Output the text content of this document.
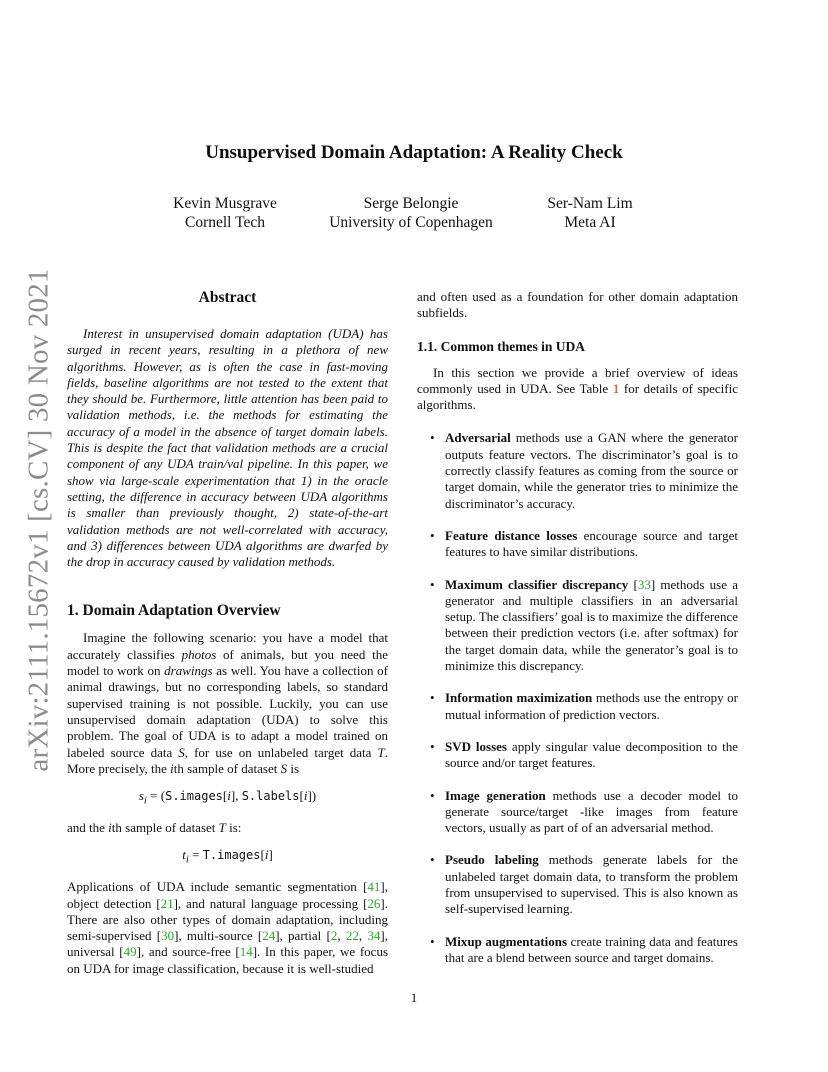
arXiv:2111.15672v1 [cs.CV] 30 Nov 2021
Unsupervised Domain Adaptation: A Reality Check
Kevin Musgrave
Cornell Tech
Serge Belongie
University of Copenhagen
Ser-Nam Lim
Meta AI
Abstract

Interest in unsupervised domain adaptation (UDA) has surged in recent years, resulting in a plethora of new algorithms. However, as is often the case in fast-moving fields, baseline algorithms are not tested to the extent that they should be. Furthermore, little attention has been paid to validation methods, i.e. the methods for estimating the accuracy of a model in the absence of target domain labels. This is despite the fact that validation methods are a crucial component of any UDA train/val pipeline. In this paper, we show via large-scale experimentation that 1) in the oracle setting, the difference in accuracy between UDA algorithms is smaller than previously thought, 2) state-of-the-art validation methods are not well-correlated with accuracy, and 3) differences between UDA algorithms are dwarfed by the drop in accuracy caused by validation methods.

1. Domain Adaptation Overview

Imagine the following scenario: you have a model that accurately classifies photos of animals, but you need the model to work on drawings as well. You have a collection of animal drawings, but no corresponding labels, so standard supervised training is not possible. Luckily, you can use unsupervised domain adaptation (UDA) to solve this problem. The goal of UDA is to adapt a model trained on labeled source data S, for use on unlabeled target data T. More precisely, the ith sample of dataset S is

$s_i$ = (S.images[i], S.labels[i])

and the ith sample of dataset T is:

$t_i$ = T.images[i]

Applications of UDA include semantic segmentation [41], object detection [21], and natural language processing [26]. There are also other types of domain adaptation, including semi-supervised [30], multi-source [24], partial [2, 22, 34], universal [49], and source-free [14]. In this paper, we focus on UDA for image classification, because it is well-studied

and often used as a foundation for other domain adaptation subfields.

1.1. Common themes in UDA

In this section we provide a brief overview of ideas commonly used in UDA. See Table 1 for details of specific algorithms.

• Adversarial methods use a GAN where the generator outputs feature vectors. The discriminator’s goal is to correctly classify features as coming from the source or target domain, while the generator tries to minimize the discriminator’s accuracy.
• Feature distance losses encourage source and target features to have similar distributions.
• Maximum classifier discrepancy [33] methods use a generator and multiple classifiers in an adversarial setup. The classifiers’ goal is to maximize the difference between their prediction vectors (i.e. after softmax) for the target domain data, while the generator’s goal is to minimize this discrepancy.
• Information maximization methods use the entropy or mutual information of prediction vectors.
• SVD losses apply singular value decomposition to the source and/or target features.
• Image generation methods use a decoder model to generate source/target -like images from feature vectors, usually as part of of an adversarial method.
• Pseudo labeling methods generate labels for the unlabeled target domain data, to transform the problem from unsupervised to supervised. This is also known as self-supervised learning.
• Mixup augmentations create training data and features that are a blend between source and target domains.
1
